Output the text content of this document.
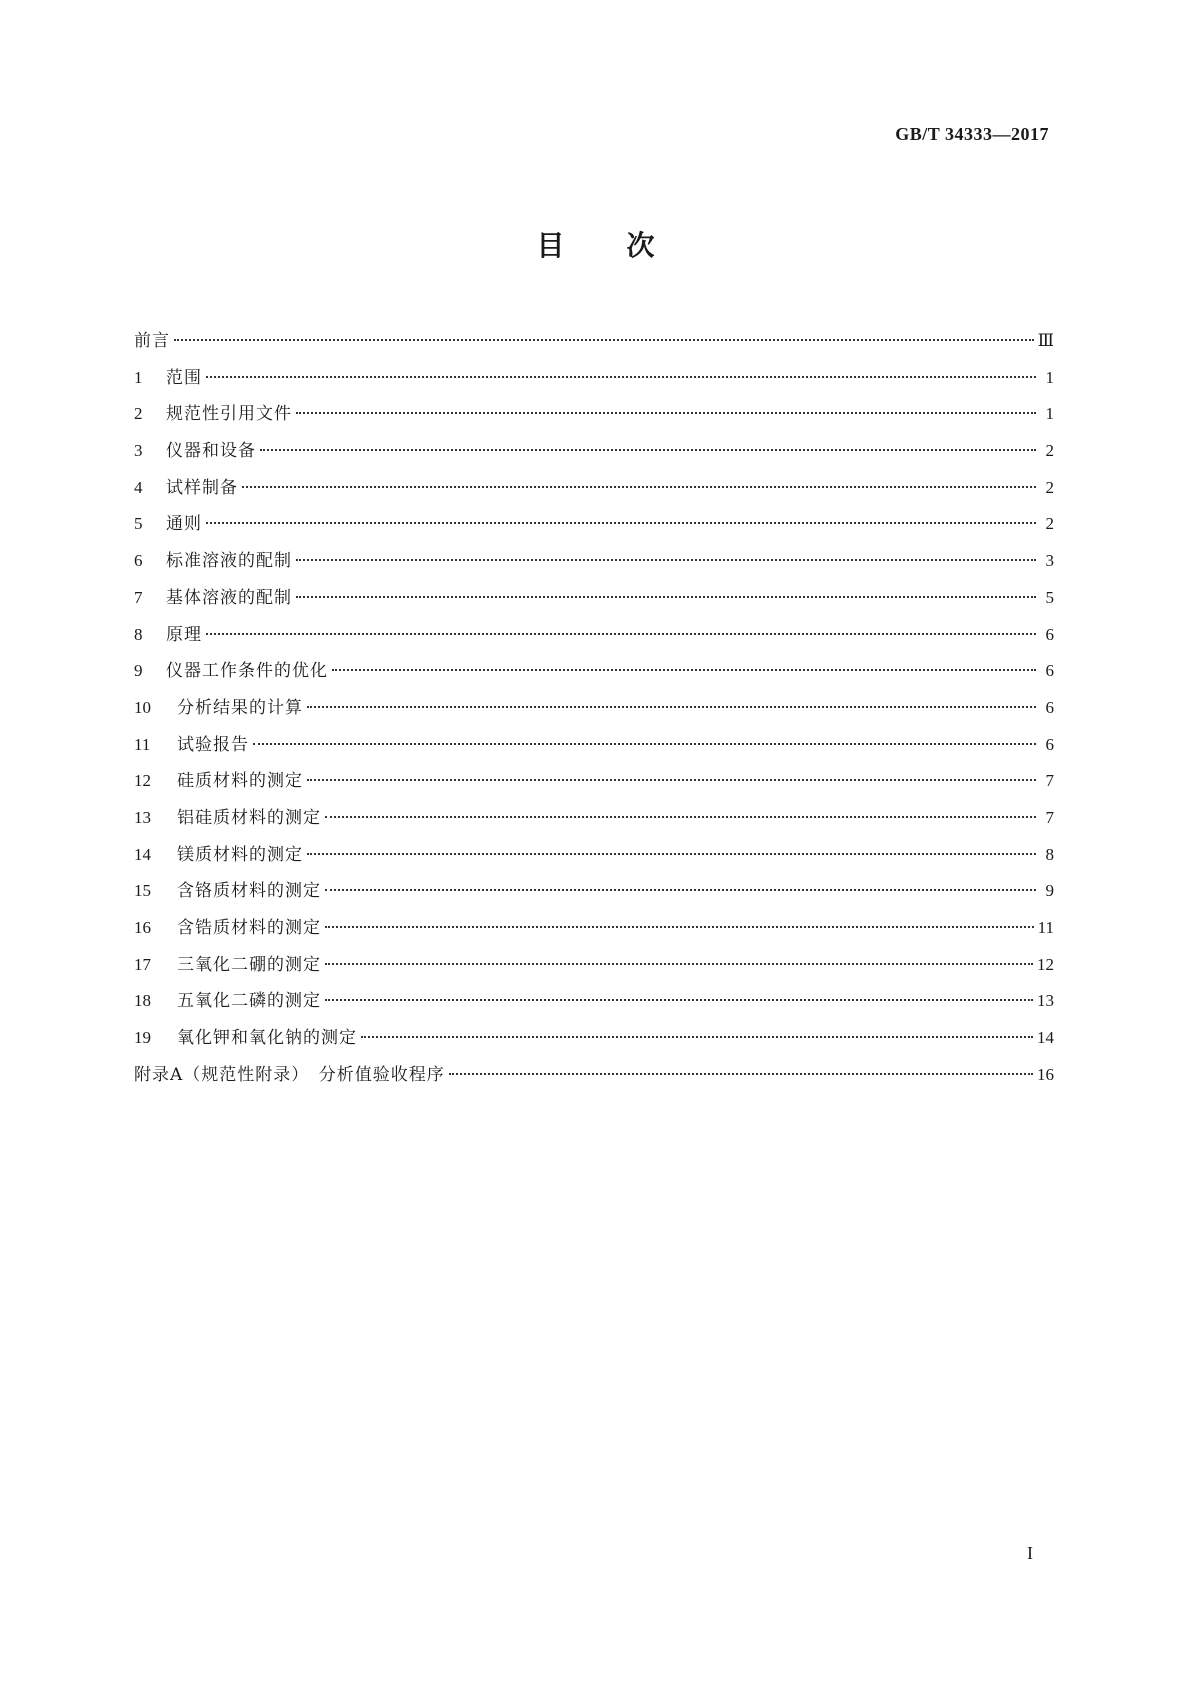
GB/T 34333—2017
目次
前言	Ⅲ
1	范围	1
2	规范性引用文件	1
3	仪器和设备	2
4	试样制备	2
5	通则	2
6	标准溶液的配制	3
7	基体溶液的配制	5
8	原理	6
9	仪器工作条件的优化	6
10	分析结果的计算	6
11	试验报告	6
12	硅质材料的测定	7
13	铝硅质材料的测定	7
14	镁质材料的测定	8
15	含铬质材料的测定	9
16	含锆质材料的测定	11
17	三氧化二硼的测定	12
18	五氧化二磷的测定	13
19	氧化钾和氧化钠的测定	14
附录A（规范性附录）　分析值验收程序	16
I
